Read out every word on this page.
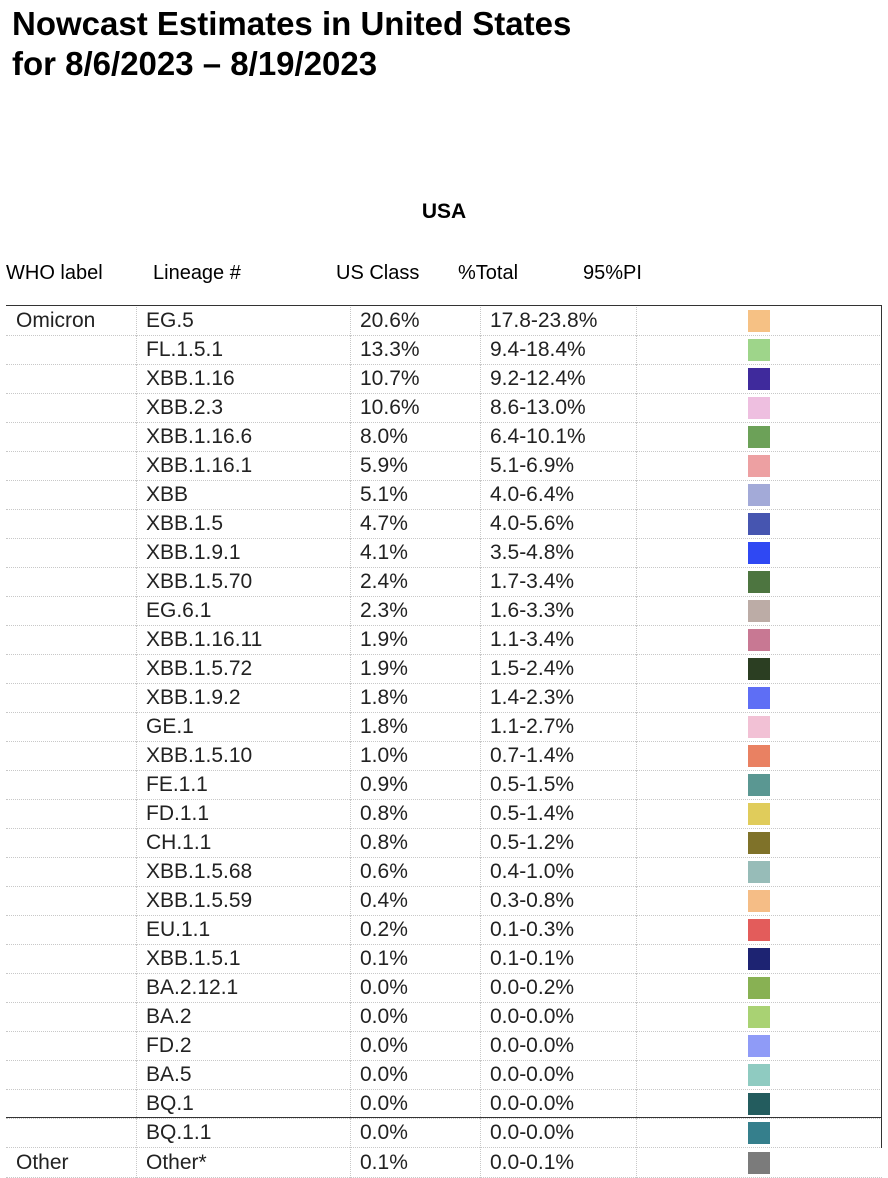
Nowcast Estimates in United States
for 8/6/2023 – 8/19/2023
USA
WHO label	Lineage #	US Class %Total	95%PI
Omicron EG.5	20.6%	17.8-23.8%
FL.1.5.1	13.3%	9.4-18.4%
XBB.1.16	10.7%	9.2-12.4%
XBB.2.3	10.6%	8.6-13.0%
XBB.1.16.6	8.0%	6.4-10.1%
XBB.1.16.1	5.9%	5.1-6.9%
XBB	5.1%	4.0-6.4%
XBB.1.5	4.7%	4.0-5.6%
XBB.1.9.1	4.1%	3.5-4.8%
XBB.1.5.70	2.4%	1.7-3.4%
EG.6.1	2.3%	1.6-3.3%
XBB.1.16.11	1.9%	1.1-3.4%
XBB.1.5.72	1.9%	1.5-2.4%
XBB.1.9.2	1.8%	1.4-2.3%
GE.1	1.8%	1.1-2.7%
XBB.1.5.10	1.0%	0.7-1.4%
FE.1.1	0.9%	0.5-1.5%
FD.1.1	0.8%	0.5-1.4%
CH.1.1	0.8%	0.5-1.2%
XBB.1.5.68	0.6%	0.4-1.0%
XBB.1.5.59	0.4%	0.3-0.8%
EU.1.1	0.2%	0.1-0.3%
XBB.1.5.1	0.1%	0.1-0.1%
BA.2.12.1	0.0%	0.0-0.2%
BA.2	0.0%	0.0-0.0%
FD.2	0.0%	0.0-0.0%
BA.5	0.0%	0.0-0.0%
BQ.1	0.0%	0.0-0.0%
BQ.1.1	0.0%	0.0-0.0%
Other	Other*	0.1%	0.0-0.1%
